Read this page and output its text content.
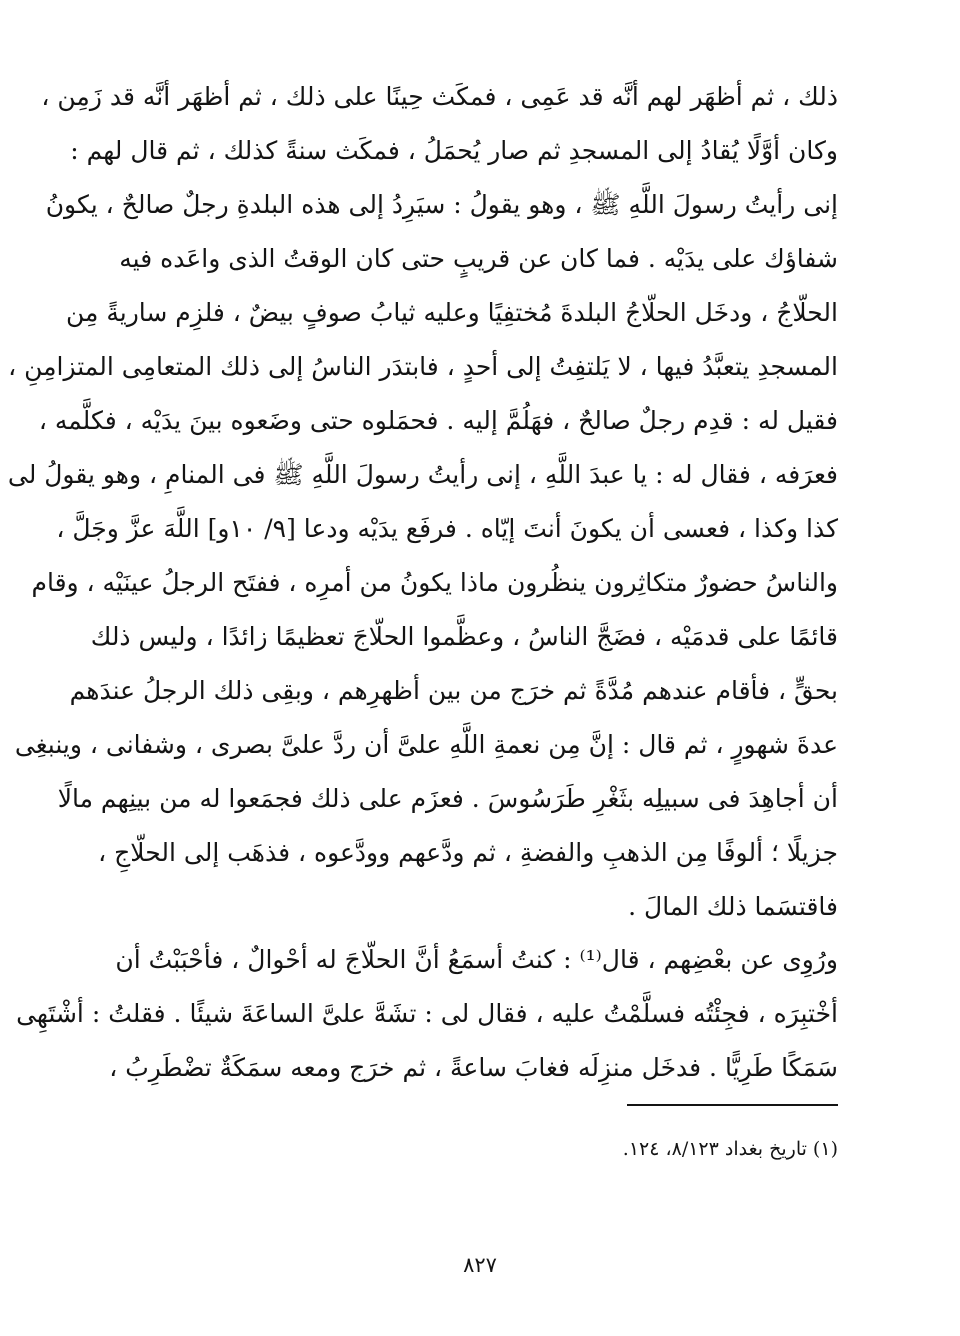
ذلك ، ثم أظهَر لهم أنَّه قد عَمِى ، فمكَث حِينًا على ذلك ، ثم أظهَر أنَّه قد زَمِن ،
وكان أوَّلًا يُقادُ إلى المسجدِ ثم صار يُحمَلُ ، فمكَث سنةً كذلك ، ثم قال لهم :
إنى رأيتُ رسولَ اللَّهِ ﷺ ، وهو يقولُ : سيَرِدُ إلى هذه البلدةِ رجلٌ صالحٌ ، يكونُ
شفاؤك على يدَيْه . فما كان عن قريبٍ حتى كان الوقتُ الذى واعَده فيه
الحلّاجُ ، ودخَل الحلّاجُ البلدةَ مُختفِيًا وعليه ثيابُ صوفٍ بيضٌ ، فلزِم ساريةً مِن
المسجدِ يتعبَّدُ فيها ، لا يَلتفِتُ إلى أحدٍ ، فابتدَر الناسُ إلى ذلك المتعامِى المتزامِنِ ،
فقيل له : قدِم رجلٌ صالحٌ ، فهَلُمَّ إليه . فحمَلوه حتى وضَعوه بينَ يدَيْه ، فكلَّمه ،
فعرَفه ، فقال له : يا عبدَ اللَّهِ ، إنى رأيتُ رسولَ اللَّهِ ﷺ فى المنامِ ، وهو يقولُ لى
كذا وكذا ، فعسى أن يكونَ أنتَ إيّاه . فرفَع يدَيْه ودعا [٩/ ١٠و] اللَّهَ عزَّ وجَلَّ ،
والناسُ حضورٌ متكاثِرون ينظُرون ماذا يكونُ من أمرِه ، ففتَح الرجلُ عينَيْه ، وقام
قائمًا على قدمَيْه ، فضَجَّ الناسُ ، وعظَّموا الحلّاجَ تعظيمًا زائدًا ، وليس ذلك
بحقٍّ ، فأقام عندهم مُدَّةً ثم خرَج من بين أظهرِهم ، وبقِى ذلك الرجلُ عندَهم
عدةَ شهورٍ ، ثم قال : إنَّ مِن نعمةِ اللَّهِ علىَّ أن ردَّ علىَّ بصرى ، وشفانى ، وينبغِى
أن أجاهِدَ فى سبيلِه بثَغْرِ طَرَسُوسَ . فعزَم على ذلك فجمَعوا له من بينِهم مالًا
جزيلًا ؛ ألوفًا مِن الذهبِ والفضةِ ، ثم ودَّعهم وودَّعوه ، فذهَب إلى الحلّاجِ ،
فاقتسَما ذلك المالَ .
ورُوِى عن بعْضِهم ، قال⁽¹⁾ : كنتُ أسمَعُ أنَّ الحلّاجَ له أحْوالٌ ، فأحْبَبْتُ أن
أخْتبِرَه ، فجِئْتُه فسلَّمْتُ عليه ، فقال لى : تشَهَّ علىَّ الساعَةَ شيئًا . فقلتُ : أشْتَهِى
سَمَكًا طَرِيًّا . فدخَل منزِلَه فغابَ ساعةً ، ثم خرَج ومعه سمَكَةٌ تضْطَرِبُ ،
(١) تاريخ بغداد ٨/١٢٣، ١٢٤.
٨٢٧
